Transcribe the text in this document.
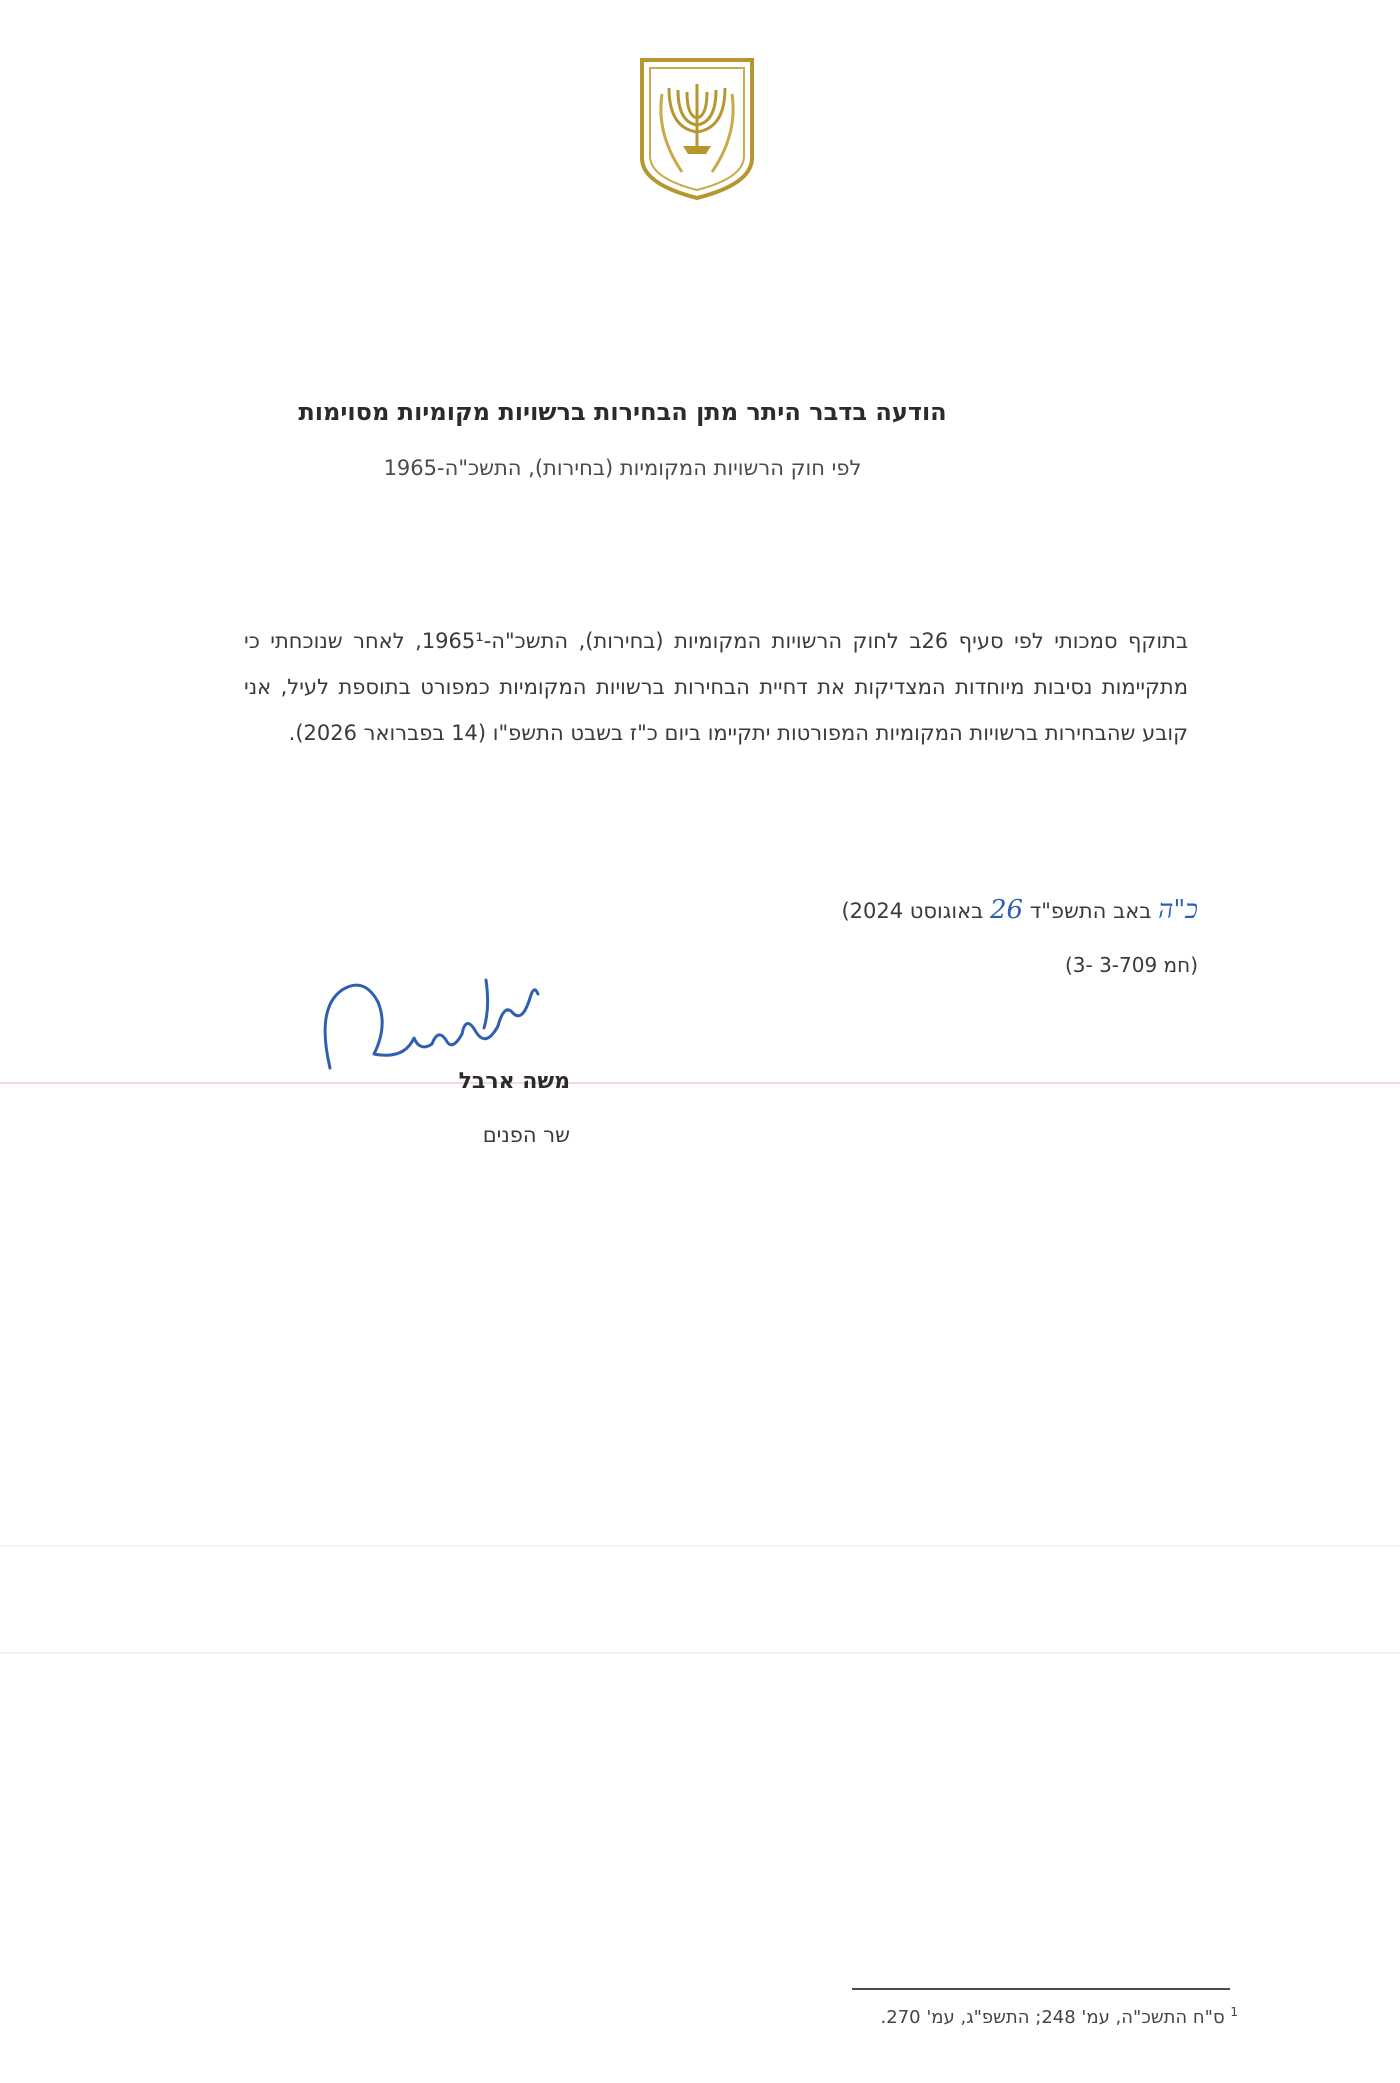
הודעה בדבר היתר מתן הבחירות ברשויות מקומיות מסוימות
לפי חוק הרשויות המקומיות (בחירות), התשכ"ה-1965
בתוקף סמכותי לפי סעיף 26ב לחוק הרשויות המקומיות (בחירות), התשכ"ה-1965¹, לאחר שנוכחתי כי מתקיימות נסיבות מיוחדות המצדיקות את דחיית הבחירות ברשויות המקומיות כמפורט בתוספת לעיל, אני קובע שהבחירות ברשויות המקומיות המפורטות יתקיימו ביום כ"ז בשבט התשפ"ו (14 בפברואר 2026).
כ"ה באב התשפ"ד 26 באוגוסט 2024)
(חמ 3-709 -3)
משה ארבל
שר הפנים
$^1$ ס"ח התשכ"ה, עמ' 248; התשפ"ג, עמ' 270.
